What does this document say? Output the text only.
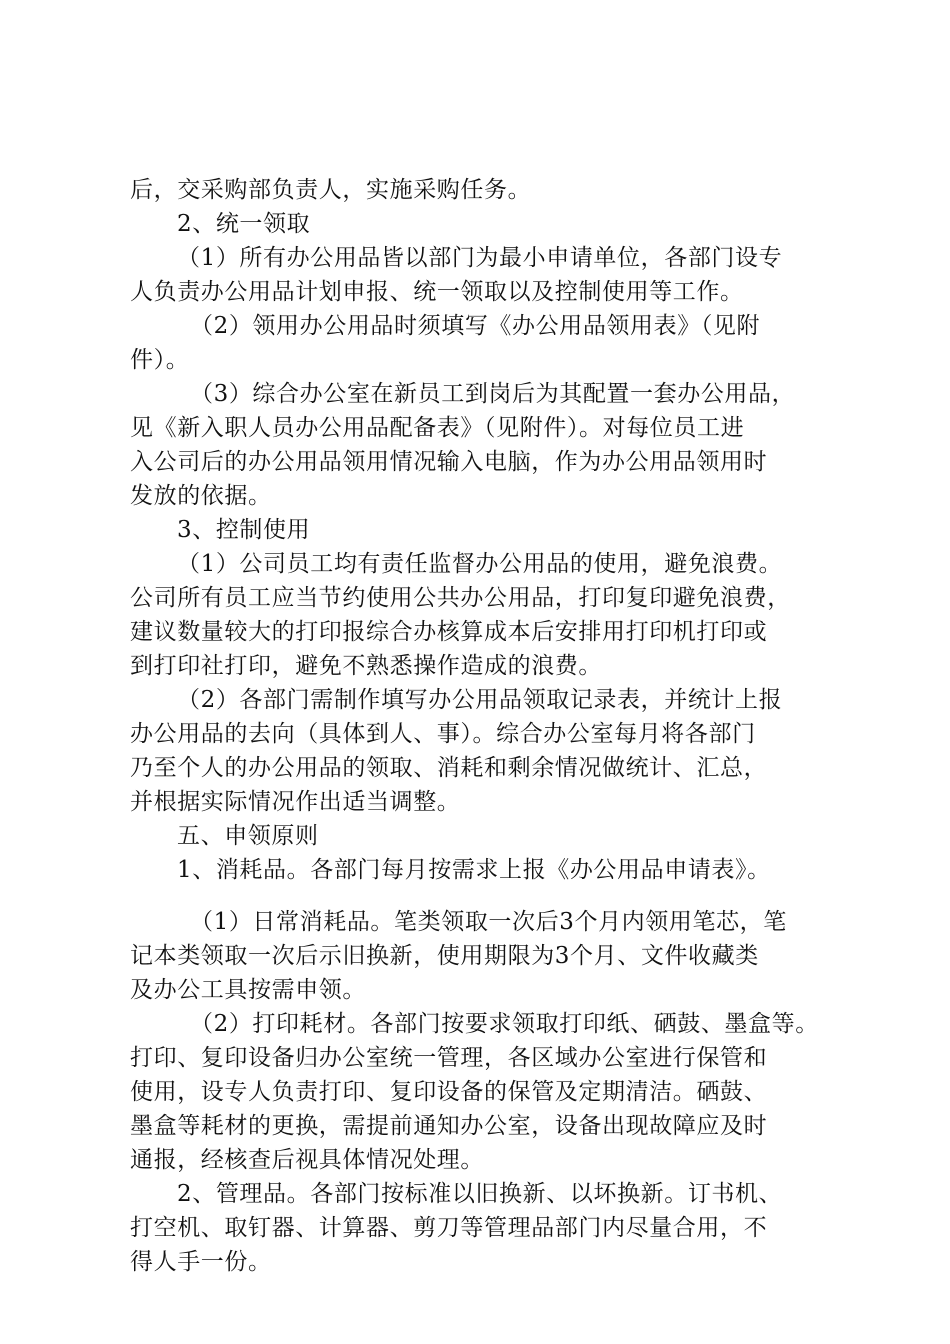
后，交采购部负责人，实施采购任务。

2、统一领取

（1）所有办公用品皆以部门为最小申请单位，各部门设专

人负责办公用品计划申报、统一领取以及控制使用等工作。

（2）领用办公用品时须填写《办公用品领用表》（见附

件）。

（3）综合办公室在新员工到岗后为其配置一套办公用品，

见《新入职人员办公用品配备表》（见附件）。对每位员工进

入公司后的办公用品领用情况输入电脑，作为办公用品领用时

发放的依据。

3、控制使用

（1）公司员工均有责任监督办公用品的使用，避免浪费。

公司所有员工应当节约使用公共办公用品，打印复印避免浪费，

建议数量较大的打印报综合办核算成本后安排用打印机打印或

到打印社打印，避免不熟悉操作造成的浪费。

（2）各部门需制作填写办公用品领取记录表，并统计上报

办公用品的去向（具体到人、事）。综合办公室每月将各部门

乃至个人的办公用品的领取、消耗和剩余情况做统计、汇总，

并根据实际情况作出适当调整。

五、申领原则

1、消耗品。各部门每月按需求上报《办公用品申请表》。

（1）日常消耗品。笔类领取一次后3个月内领用笔芯，笔

记本类领取一次后示旧换新，使用期限为3个月、文件收藏类

及办公工具按需申领。

（2）打印耗材。各部门按要求领取打印纸、硒鼓、墨盒等。

打印、复印设备归办公室统一管理，各区域办公室进行保管和

使用，设专人负责打印、复印设备的保管及定期清洁。硒鼓、

墨盒等耗材的更换，需提前通知办公室，设备出现故障应及时

通报，经核查后视具体情况处理。

2、管理品。各部门按标准以旧换新、以坏换新。订书机、

打空机、取钉器、计算器、剪刀等管理品部门内尽量合用，不

得人手一份。
